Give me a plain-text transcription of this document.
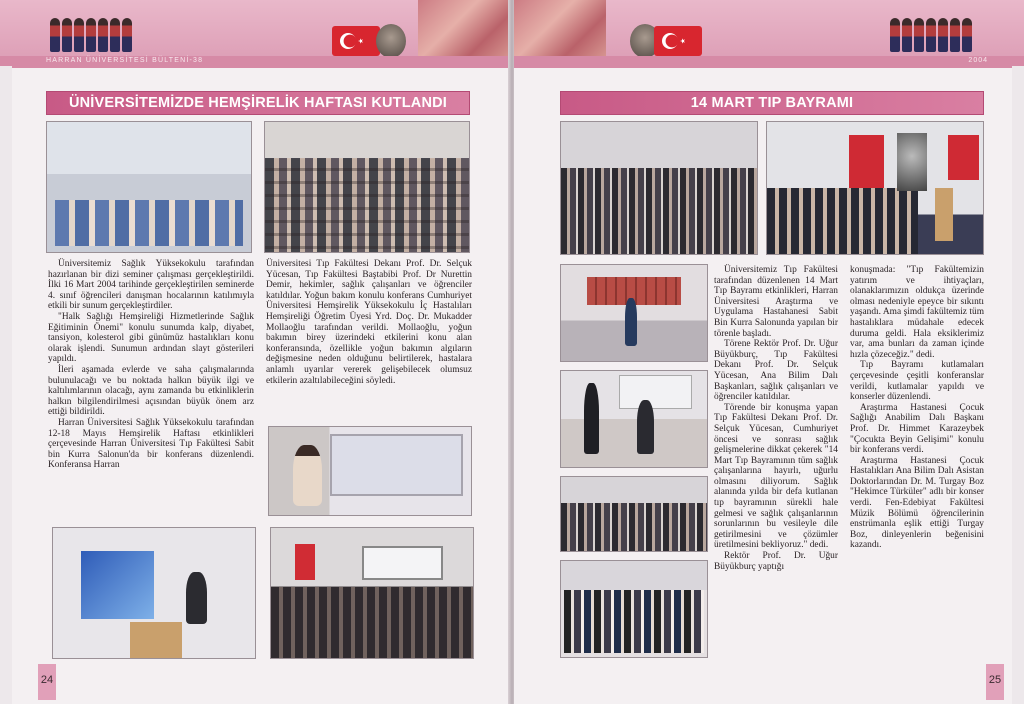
HARRAN ÜNİVERSİTESİ BÜLTENİ-38
ÜNİVERSİTEMİZDE HEMŞİRELİK HAFTASI KUTLANDI

Üniversitemiz Sağlık Yüksekokulu tarafından hazırlanan bir dizi seminer çalışması gerçekleştirildi. İlki 16 Mart 2004 tarihinde gerçekleştirilen seminerde 4. sınıf öğrencileri danışman hocalarının katılımıyla etkili bir sunum gerçekleştirdiler.

"Halk Sağlığı Hemşireliği Hizmetlerinde Sağlık Eğitiminin Önemi" konulu sunumda kalp, diyabet, tansiyon, kolesterol gibi günümüz hastalıkları konu olarak işlendi. Sunumun ardından slayt gösterileri yapıldı.

İleri aşamada evlerde ve saha çalışmalarında bulunulacağı ve bu noktada halkın büyük ilgi ve kaltılımlarının olacağı, aynı zamanda bu etkinliklerin halkın bilgilendirilmesi açısından büyük önem arz ettiği bildirildi.

Harran Üniversitesi Sağlık Yüksekokulu tarafından 12-18 Mayıs Hemşirelik Haftası etkinlikleri çerçevesinde Harran Üniversitesi Tıp Fakültesi Sabit bin Kurra Salonun'da bir konferans düzenlendi. Konferansa Harran

Üniversitesi Tıp Fakültesi Dekanı Prof. Dr. Selçuk Yücesan, Tıp Fakültesi Baştabibi Prof. Dr Nurettin Demir, hekimler, sağlık çalışanları ve öğrenciler katıldılar. Yoğun bakım konulu konferans Cumhuriyet Üniversitesi Hemşirelik Yüksekokulu İç Hastalıları Hemşireliği Öğretim Üyesi Yrd. Doç. Dr. Mukadder Mollaoğlu tarafından verildi. Mollaoğlu, yoğun bakımın birey üzerindeki etkilerini konu alan konferansında, özellikle yoğun bakımın algıların değişmesine neden olduğunu belirtilerek, hastalara anlamlı uyarılar vererek gelişebilecek olumsuz etkilerin azaltılabileceğini söyledi.

24
2004
14 MART TIP BAYRAMI

Üniversitemiz Tıp Fakültesi tarafından düzenlenen 14 Mart Tıp Bayramı etkinlikleri, Harran Üniversitesi Araştırma ve Uygulama Hastahanesi Sabit Bin Kurra Salonunda yapılan bir törenle başladı.

Törene Rektör Prof. Dr. Uğur Büyükburç, Tıp Fakültesi Dekanı Prof. Dr. Selçuk Yücesan, Ana Bilim Dalı Başkanları, sağlık çalışanları ve öğrenciler katıldılar.

Törende bir konuşma yapan Tıp Fakültesi Dekanı Prof. Dr. Selçuk Yücesan, Cumhuriyet öncesi ve sonrası sağlık gelişmelerine dikkat çekerek "14 Mart Tıp Bayramının tüm sağlık çalışanlarına hayırlı, uğurlu olmasını diliyorum. Sağlık alanında yılda bir defa kutlanan tıp bayramının sürekli hale gelmesi ve sağlık çalışanlarının sorunlarının bu vesileyle dile getirilmesini ve çözümler üretilmesini bekliyoruz." dedi.

Rektör Prof. Dr. Uğur Büyükburç yaptığı

konuşmada: "Tıp Fakültemizin yatırım ve ihtiyaçları, olanaklarımızın oldukça üzerinde olması nedeniyle epeyce bir sıkıntı yaşandı. Ama şimdi fakültemiz tüm hastalıklara müdahale edecek duruma geldi. Hala eksiklerimiz var, ama bunları da zaman içinde hızla çözeceğiz." dedi.

Tıp Bayramı kutlamaları çerçevesinde çeşitli konferanslar verildi, kutlamalar yapıldı ve konserler düzenlendi.

Araştırma Hastanesi Çocuk Sağlığı Anabilim Dalı Başkanı Prof. Dr. Himmet Karazeybek "Çocukta Beyin Gelişimi" konulu bir konferans verdi.

Araştırma Hastanesi Çocuk Hastalıkları Ana Bilim Dalı Asistan Doktorlarından Dr. M. Turgay Boz "Hekimce Türküler" adlı bir konser verdi. Fen-Edebiyat Fakültesi Müzik Bölümü öğrencilerinin enstrümanla eşlik ettiği Turgay Boz, dinleyenlerin beğenisini kazandı.

25
